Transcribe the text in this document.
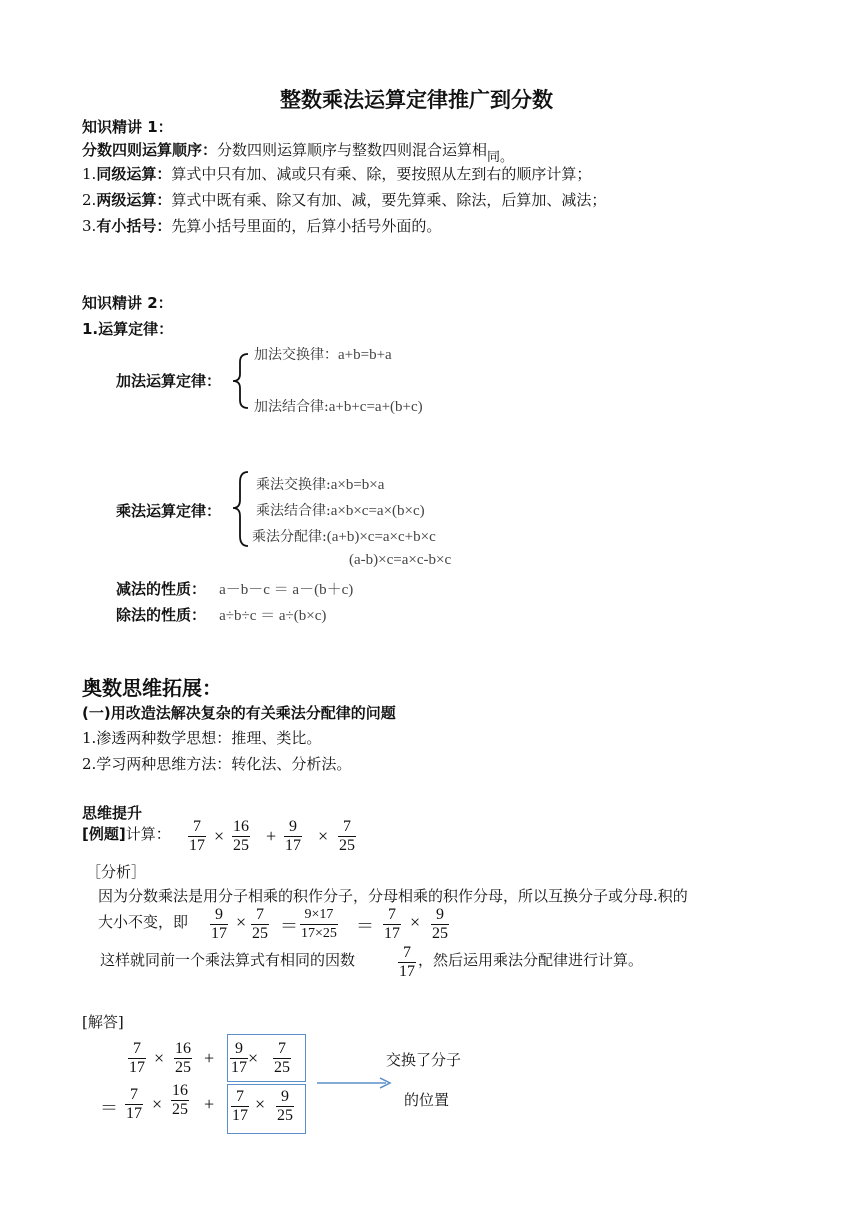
整数乘法运算定律推广到分数
知识精讲 1：
分数四则运算顺序：分数四则运算顺序与整数四则混合运算相同。
1.同级运算：算式中只有加、减或只有乘、除，要按照从左到右的顺序计算；
2.两级运算：算式中既有乘、除又有加、减，要先算乘、除法，后算加、减法；
3.有小括号：先算小括号里面的，后算小括号外面的。
知识精讲 2：
1.运算定律：
加法运算定律：
加法交换律：a+b=b+a
加法结合律:a+b+c=a+(b+c)
乘法运算定律：
乘法交换律:a×b=b×a
乘法结合律:a×b×c=a×(b×c)
乘法分配律:(a+b)×c=a×c+b×c
(a-b)×c=a×c-b×c
减法的性质： a－b－c ＝ a－(b＋c)
除法的性质： a÷b÷c ＝ a÷(b×c)
奥数思维拓展：
(一)用改造法解决复杂的有关乘法分配律的问题
1.渗透两种数学思想：推理、类比。
2.学习两种思维方法：转化法、分析法。
思维提升
[例题]计算： $\frac{7}{17} \times \frac{16}{25} + \frac{9}{17} \times \frac{7}{25}$
［分析］
因为分数乘法是用分子相乘的积作分子，分母相乘的积作分母，所以互换分子或分母.积的
大小不变，即 $\frac{9}{17} \times \frac{7}{25} = \frac{9\times 17}{17\times 25} = \frac{7}{17} \times \frac{9}{25}$
这样就同前一个乘法算式有相同的因数	$\frac{7}{17}$ ，然后运用乘法分配律进行计算。
[解答]
$\frac{7}{17} \times \frac{16}{25} + \frac{9}{17} \times \frac{7}{25}$
＝ $\frac{7}{17} \times \frac{16}{25} + \frac{7}{17} \times \frac{9}{25}$
交换了分子
的位置
